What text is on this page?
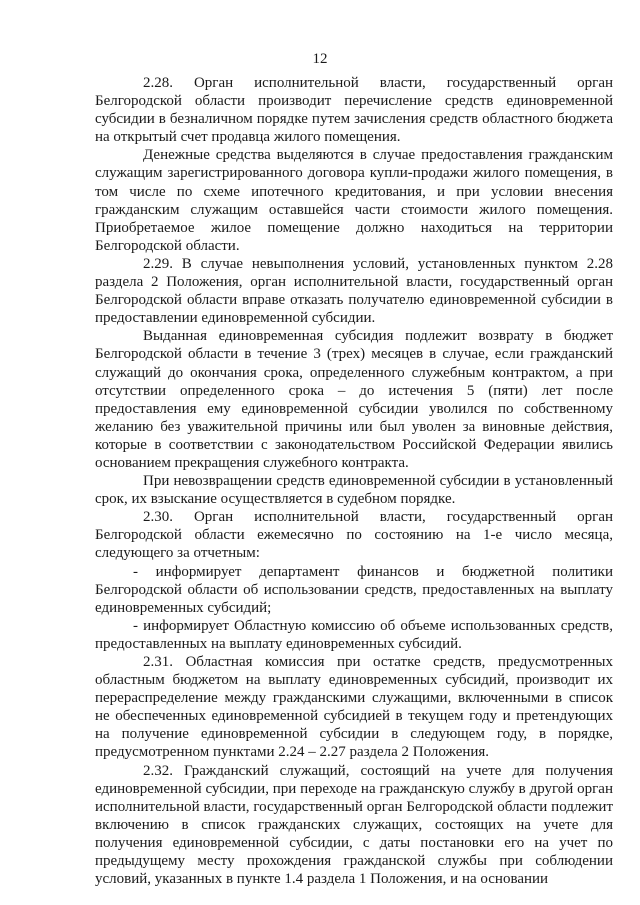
12

2.28. Орган исполнительной власти, государственный орган Белгородской области производит перечисление средств единовременной субсидии в безналичном порядке путем зачисления средств областного бюджета на открытый счет продавца жилого помещения.

Денежные средства выделяются в случае предоставления гражданским служащим зарегистрированного договора купли-продажи жилого помещения, в том числе по схеме ипотечного кредитования, и при условии внесения гражданским служащим оставшейся части стоимости жилого помещения. Приобретаемое жилое помещение должно находиться на территории Белгородской области.

2.29. В случае невыполнения условий, установленных пунктом 2.28 раздела 2 Положения, орган исполнительной власти, государственный орган Белгородской области вправе отказать получателю единовременной субсидии в предоставлении единовременной субсидии.

Выданная единовременная субсидия подлежит возврату в бюджет Белгородской области в течение 3 (трех) месяцев в случае, если гражданский служащий до окончания срока, определенного служебным контрактом, а при отсутствии определенного срока – до истечения 5 (пяти) лет после предоставления ему единовременной субсидии уволился по собственному желанию без уважительной причины или был уволен за виновные действия, которые в соответствии с законодательством Российской Федерации явились основанием прекращения служебного контракта.

При невозвращении средств единовременной субсидии в установленный срок, их взыскание осуществляется в судебном порядке.

2.30. Орган исполнительной власти, государственный орган Белгородской области ежемесячно по состоянию на 1-е число месяца, следующего за отчетным:

- информирует департамент финансов и бюджетной политики Белгородской области об использовании средств, предоставленных на выплату единовременных субсидий;

- информирует Областную комиссию об объеме использованных средств, предоставленных на выплату единовременных субсидий.

2.31. Областная комиссия при остатке средств, предусмотренных областным бюджетом на выплату единовременных субсидий, производит их перераспределение между гражданскими служащими, включенными в список не обеспеченных единовременной субсидией в текущем году и претендующих на получение единовременной субсидии в следующем году, в порядке, предусмотренном пунктами 2.24 – 2.27 раздела 2 Положения.

2.32. Гражданский служащий, состоящий на учете для получения единовременной субсидии, при переходе на гражданскую службу в другой орган исполнительной власти, государственный орган Белгородской области подлежит включению в список гражданских служащих, состоящих на учете для получения единовременной субсидии, с даты постановки его на учет по предыдущему месту прохождения гражданской службы при соблюдении условий, указанных в пункте 1.4 раздела 1 Положения, и на основании
